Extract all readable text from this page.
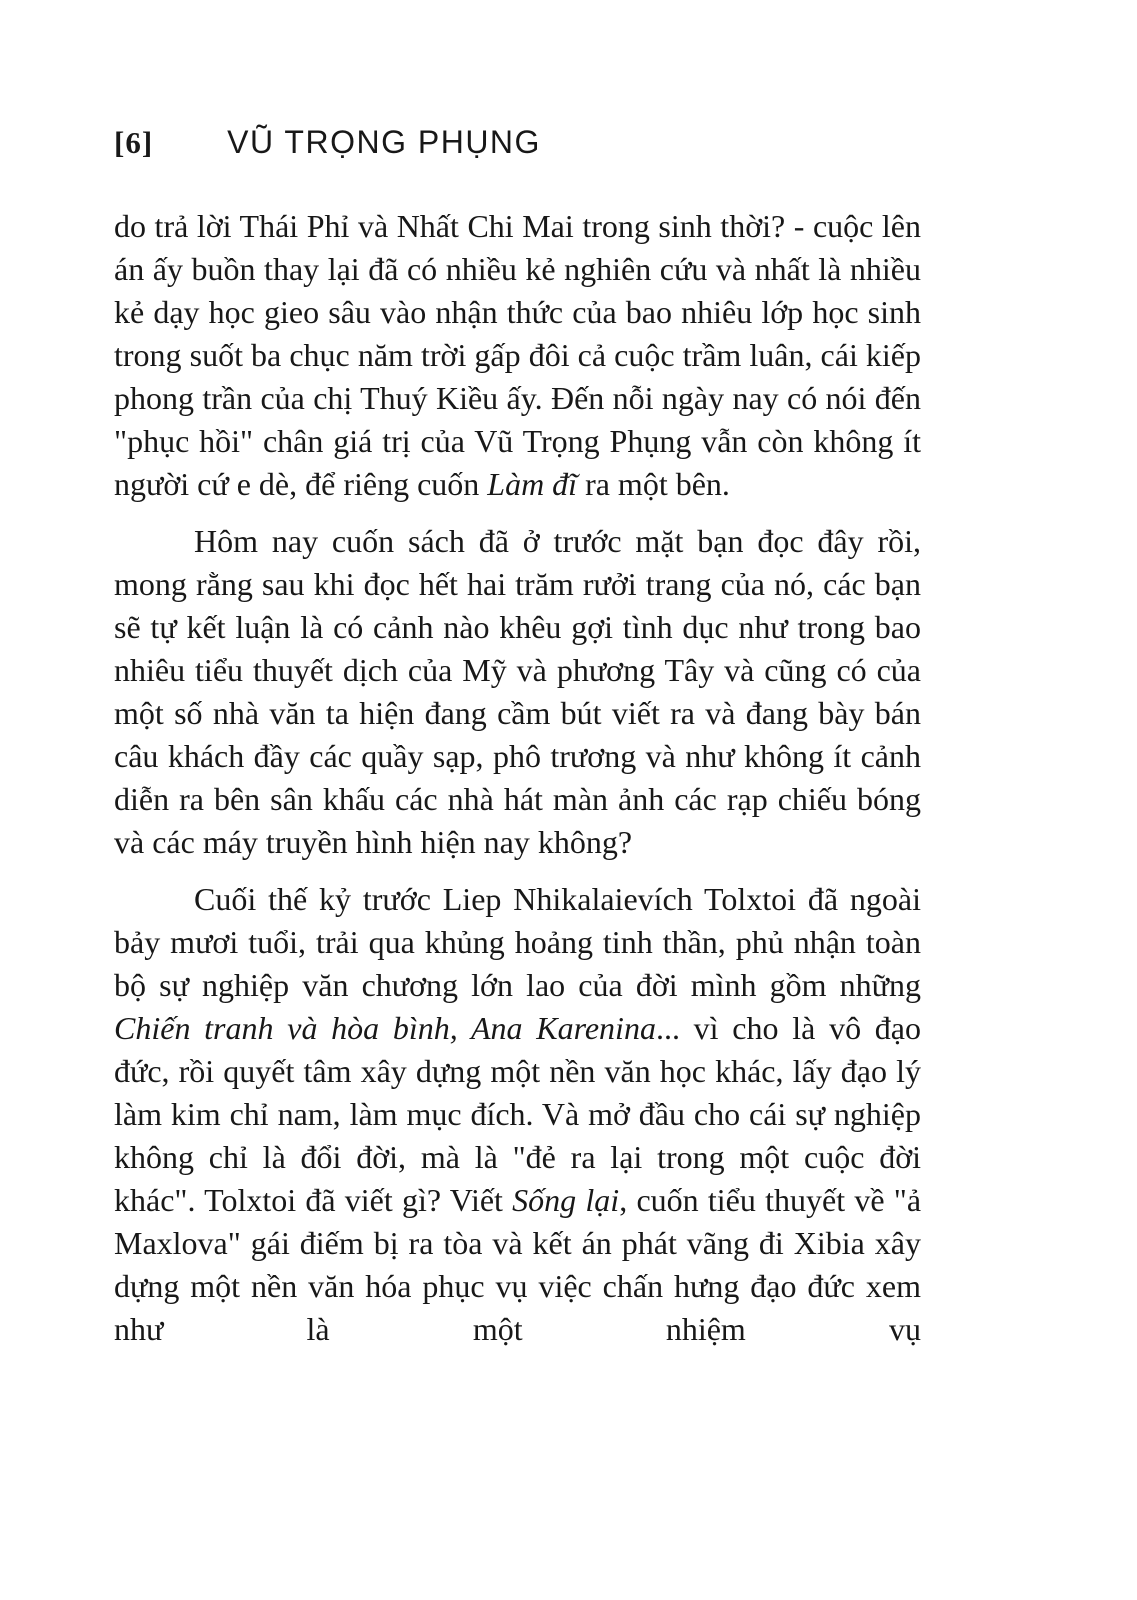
[6] VŨ TRỌNG PHỤNG

do trả lời Thái Phỉ và Nhất Chi Mai trong sinh thời? - cuộc lên án ấy buồn thay lại đã có nhiều kẻ nghiên cứu và nhất là nhiều kẻ dạy học gieo sâu vào nhận thức của bao nhiêu lớp học sinh trong suốt ba chục năm trời gấp đôi cả cuộc trầm luân, cái kiếp phong trần của chị Thuý Kiều ấy. Đến nỗi ngày nay có nói đến "phục hồi" chân giá trị của Vũ Trọng Phụng vẫn còn không ít người cứ e dè, để riêng cuốn Làm đĩ ra một bên.

Hôm nay cuốn sách đã ở trước mặt bạn đọc đây rồi, mong rằng sau khi đọc hết hai trăm rưởi trang của nó, các bạn sẽ tự kết luận là có cảnh nào khêu gợi tình dục như trong bao nhiêu tiểu thuyết dịch của Mỹ và phương Tây và cũng có của một số nhà văn ta hiện đang cầm bút viết ra và đang bày bán câu khách đầy các quầy sạp, phô trương và như không ít cảnh diễn ra bên sân khấu các nhà hát màn ảnh các rạp chiếu bóng và các máy truyền hình hiện nay không?

Cuối thế kỷ trước Liep Nhikalaievích Tolxtoi đã ngoài bảy mươi tuổi, trải qua khủng hoảng tinh thần, phủ nhận toàn bộ sự nghiệp văn chương lớn lao của đời mình gồm những Chiến tranh và hòa bình, Ana Karenina... vì cho là vô đạo đức, rồi quyết tâm xây dựng một nền văn học khác, lấy đạo lý làm kim chỉ nam, làm mục đích. Và mở đầu cho cái sự nghiệp không chỉ là đổi đời, mà là "đẻ ra lại trong một cuộc đời khác". Tolxtoi đã viết gì? Viết Sống lại, cuốn tiểu thuyết về "ả Maxlova" gái điếm bị ra tòa và kết án phát vãng đi Xibia xây dựng một nền văn hóa phục vụ việc chấn hưng đạo đức xem như là một nhiệm vụ
